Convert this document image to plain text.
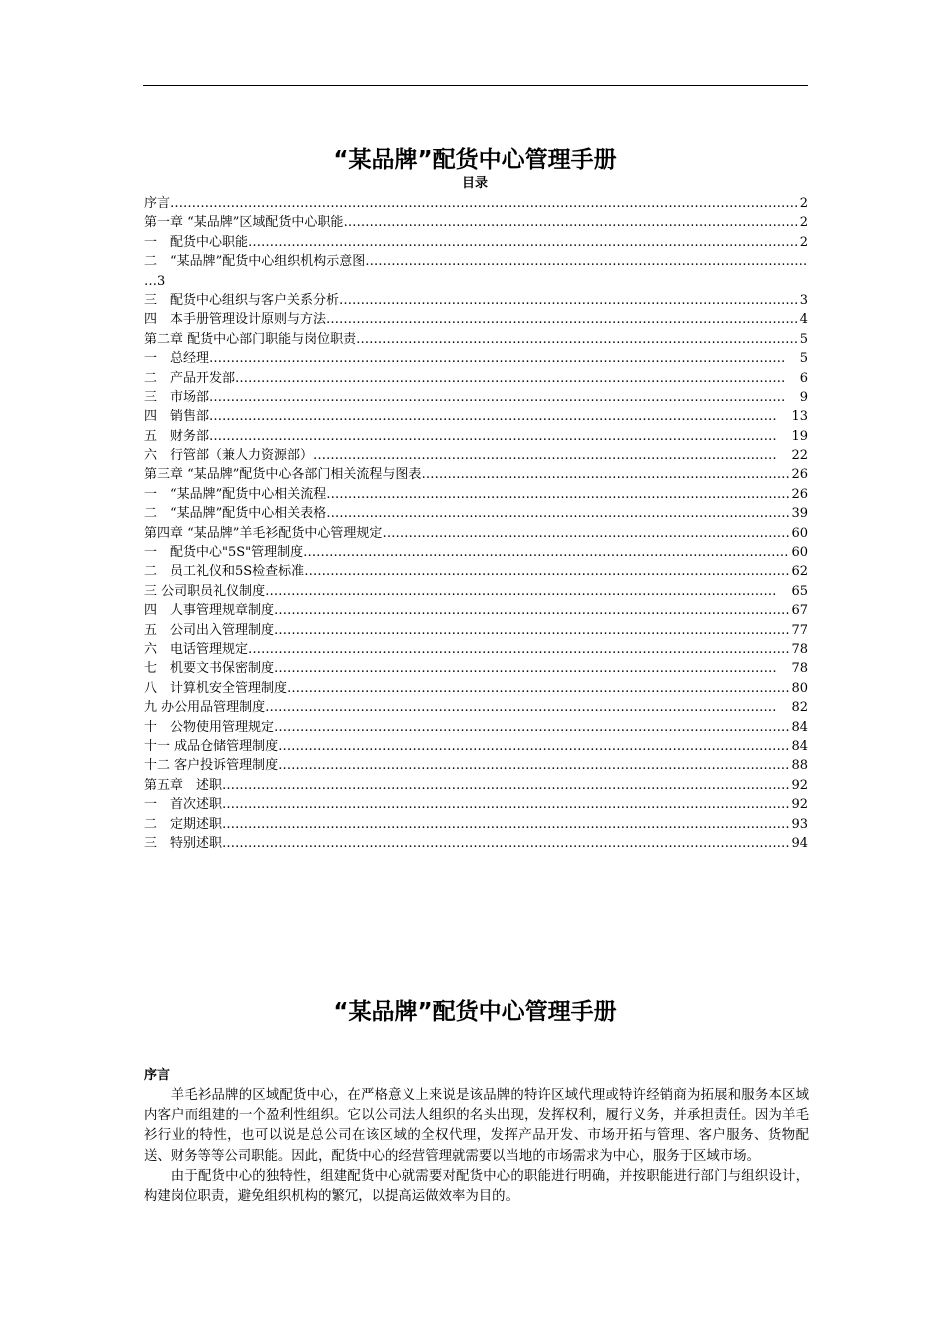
“某品牌”配货中心管理手册
目录
序言 …………………………………………………………………………………………………………………………………………………………………………………………………………	2
第一章 “某品牌”区域配货中心职能 …………………………………………………………………………………………………………………………………………………………………………………………………………	2
一　配货中心职能 …………………………………………………………………………………………………………………………………………………………………………………………………………	2
二　“某品牌”配货中心组织机构示意图
…………………………………………………………………………………………………………………………………………………………………………………………………………
…3
三　配货中心组织与客户关系分析 …………………………………………………………………………………………………………………………………………………………………………………………………………	3
四　本手册管理设计原则与方法 …………………………………………………………………………………………………………………………………………………………………………………………………………	4
第二章 配货中心部门职能与岗位职责 …………………………………………………………………………………………………………………………………………………………………………………………………………	5
一　总经理 …………………………………………………………………………………………………………………………………………………………………………………………………………	　5
二　产品开发部 …………………………………………………………………………………………………………………………………………………………………………………………………………	　6
三　市场部 …………………………………………………………………………………………………………………………………………………………………………………………………………	　9
四　销售部 …………………………………………………………………………………………………………………………………………………………………………………………………………	　13
五　财务部 …………………………………………………………………………………………………………………………………………………………………………………………………………	　19
六　行管部（兼人力资源部） …………………………………………………………………………………………………………………………………………………………………………………………………………	　22
第三章 “某品牌”配货中心各部门相关流程与图表 …………………………………………………………………………………………………………………………………………………………………………………………………………	26
一　“某品牌”配货中心相关流程 …………………………………………………………………………………………………………………………………………………………………………………………………………	26
二　“某品牌”配货中心相关表格 …………………………………………………………………………………………………………………………………………………………………………………………………………	39
第四章 “某品牌”羊毛衫配货中心管理规定 …………………………………………………………………………………………………………………………………………………………………………………………………………	60
一　配货中心"5S"管理制度 …………………………………………………………………………………………………………………………………………………………………………………………………………	60
二　员工礼仪和5S检查标准 …………………………………………………………………………………………………………………………………………………………………………………………………………	62
三 公司职员礼仪制度 …………………………………………………………………………………………………………………………………………………………………………………………………………	　65
四　人事管理规章制度 …………………………………………………………………………………………………………………………………………………………………………………………………………	67
五　公司出入管理制度 …………………………………………………………………………………………………………………………………………………………………………………………………………	77
六　电话管理规定 …………………………………………………………………………………………………………………………………………………………………………………………………………	78
七　机要文书保密制度 …………………………………………………………………………………………………………………………………………………………………………………………………………	　78
八　计算机安全管理制度 …………………………………………………………………………………………………………………………………………………………………………………………………………	80
九 办公用品管理制度 …………………………………………………………………………………………………………………………………………………………………………………………………………	　82
十　公物使用管理规定 …………………………………………………………………………………………………………………………………………………………………………………………………………	84
十一 成品仓储管理制度 …………………………………………………………………………………………………………………………………………………………………………………………………………	84
十二 客户投诉管理制度 …………………………………………………………………………………………………………………………………………………………………………………………………………	88
第五章　述职 …………………………………………………………………………………………………………………………………………………………………………………………………………	92
一　首次述职 …………………………………………………………………………………………………………………………………………………………………………………………………………	92
二　定期述职 …………………………………………………………………………………………………………………………………………………………………………………………………………	93
三　特别述职 …………………………………………………………………………………………………………………………………………………………………………………………………………	94
“某品牌”配货中心管理手册
序言

羊毛衫品牌的区域配货中心，在严格意义上来说是该品牌的特许区域代理或特许经销商为拓展和服务本区域内客户而组建的一个盈利性组织。它以公司法人组织的名头出现，发挥权利，履行义务，并承担责任。因为羊毛衫行业的特性，也可以说是总公司在该区域的全权代理，发挥产品开发、市场开拓与管理、客户服务、货物配送、财务等等公司职能。因此，配货中心的经营管理就需要以当地的市场需求为中心，服务于区域市场。

由于配货中心的独特性，组建配货中心就需要对配货中心的职能进行明确，并按职能进行部门与组织设计，构建岗位职责，避免组织机构的繁冗，以提高运做效率为目的。
